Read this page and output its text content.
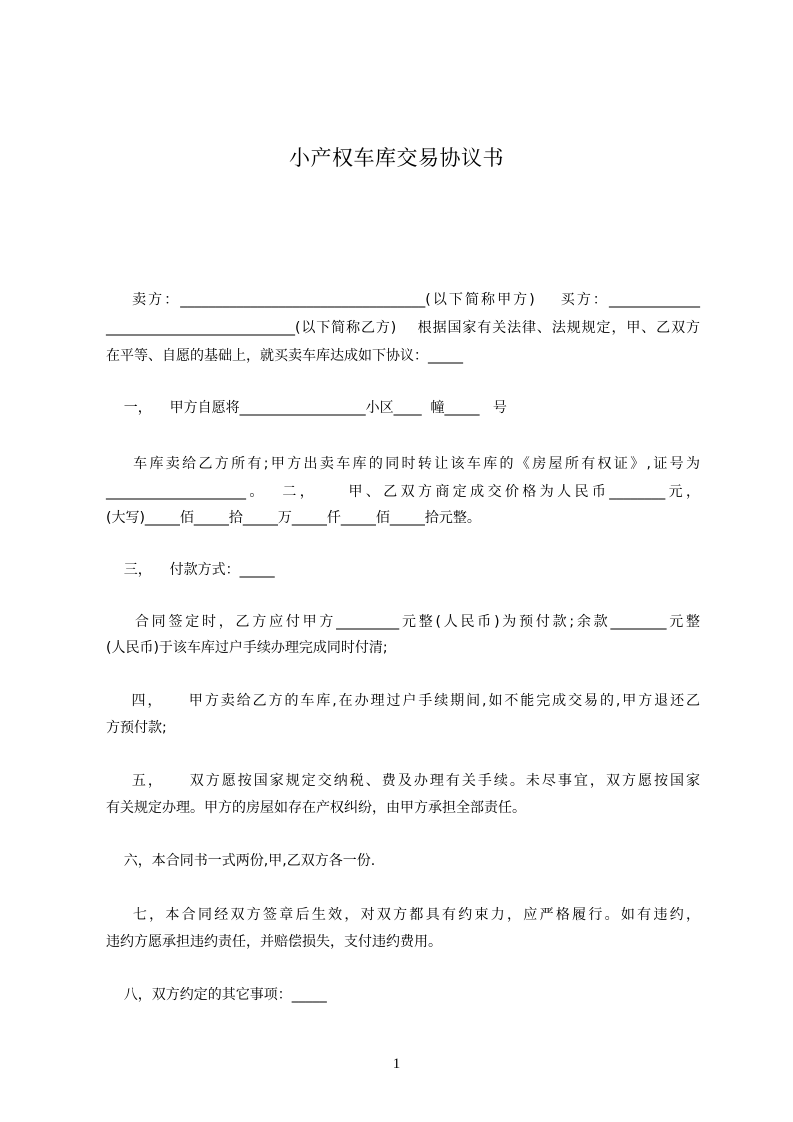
小产权车库交易协议书
卖方：___________________________________(以下简称甲方)    买方：_____________
___________________________(以下简称乙方)    根据国家有关法律、法规规定，甲、乙双方
在平等、自愿的基础上，就买卖车库达成如下协议：_____
一，    甲方自愿将__________________小区____  幢_____   号
车库卖给乙方所有;甲方出卖车库的同时转让该车库的《房屋所有权证》,证号为
____________________。  二，    甲、乙双方商定成交价格为人民币________元，
(大写)_____佰_____拾_____万_____仟_____佰_____拾元整。
三，    付款方式：_____
合同签定时，乙方应付甲方_________元整(人民币)为预付款;余款________元整
(人民币)于该车库过户手续办理完成同时付清;
四，    甲方卖给乙方的车库,在办理过户手续期间,如不能完成交易的,甲方退还乙
方预付款;
五，    双方愿按国家规定交纳税、费及办理有关手续。未尽事宜，双方愿按国家
有关规定办理。甲方的房屋如存在产权纠纷，由甲方承担全部责任。
六，本合同书一式两份,甲,乙双方各一份.
七，本合同经双方签章后生效，对双方都具有约束力，应严格履行。如有违约，
违约方愿承担违约责任，并赔偿损失，支付违约费用。
八，双方约定的其它事项：_____
1
